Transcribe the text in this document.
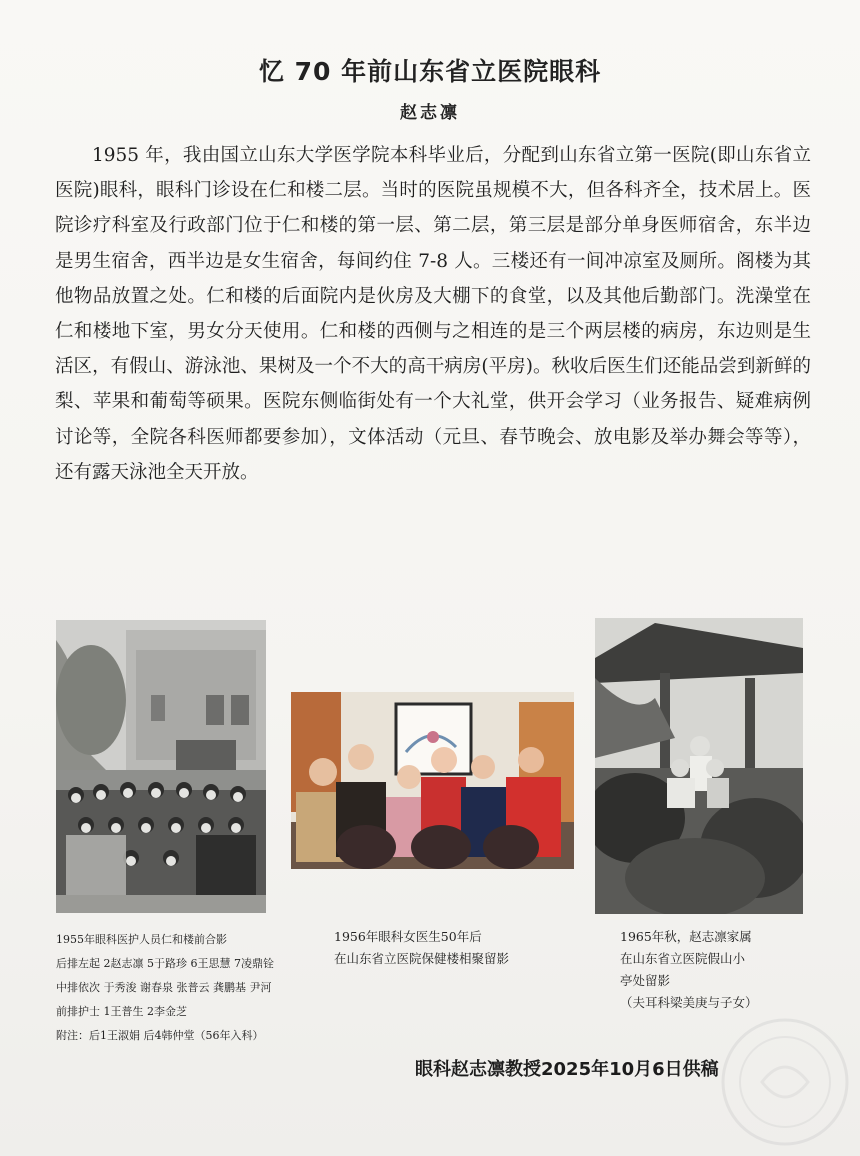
忆 70 年前山东省立医院眼科
赵志凛

1955 年，我由国立山东大学医学院本科毕业后，分配到山东省立第一医院(即山东省立医院)眼科，眼科门诊设在仁和楼二层。当时的医院虽规模不大，但各科齐全，技术居上。医院诊疗科室及行政部门位于仁和楼的第一层、第二层，第三层是部分单身医师宿舍，东半边是男生宿舍，西半边是女生宿舍，每间约住 7-8 人。三楼还有一间冲凉室及厕所。阁楼为其他物品放置之处。仁和楼的后面院内是伙房及大棚下的食堂，以及其他后勤部门。洗澡堂在仁和楼地下室，男女分天使用。仁和楼的西侧与之相连的是三个两层楼的病房，东边则是生活区，有假山、游泳池、果树及一个不大的高干病房(平房)。秋收后医生们还能品尝到新鲜的梨、苹果和葡萄等硕果。医院东侧临街处有一个大礼堂，供开会学习（业务报告、疑难病例讨论等，全院各科医师都要参加），文体活动（元旦、春节晚会、放电影及举办舞会等等），还有露天泳池全天开放。

1955年眼科医护人员仁和楼前合影
后排左起 2赵志凛 5于路珍 6王思慧 7凌鼎铨
中排依次 于秀浚 谢春泉 张普云 龚鹏基 尹河
前排护士 1王普生 2李金芝
附注：后1王淑娟 后4韩仲堂（56年入科）
1956年眼科女医生50年后
在山东省立医院保健楼相聚留影
1965年秋，赵志凛家属
在山东省立医院假山小
亭处留影
（夫耳科梁美庚与子女）
眼科赵志凛教授2025年10月6日供稿
